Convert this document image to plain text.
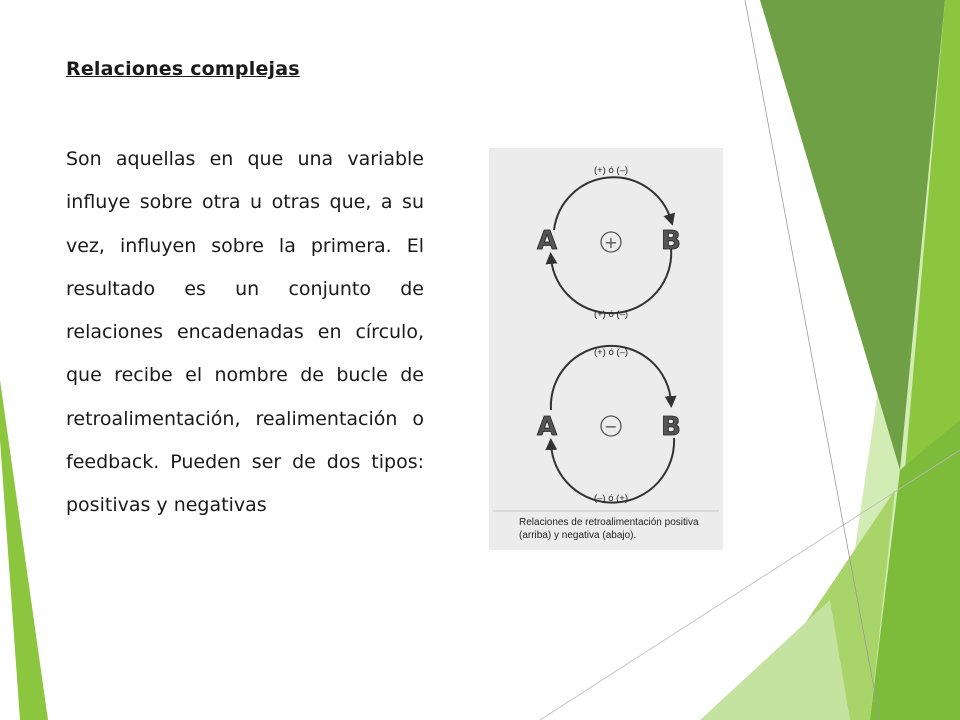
Relaciones complejas
Son aquellas en que una variable influye sobre otra u otras que, a su vez, influyen sobre la primera. El resultado es un conjunto de relaciones encadenadas en círculo, que recibe el nombre de bucle de retroalimentación, realimentación o feedback. Pueden ser de dos tipos: positivas y negativas
(+) ó (–)
A	B
+
(+) ó (–)
(+) ó (–)
A	B
−
(–) ó (+)
Relaciones de retroalimentación positiva (arriba) y negativa (abajo).
